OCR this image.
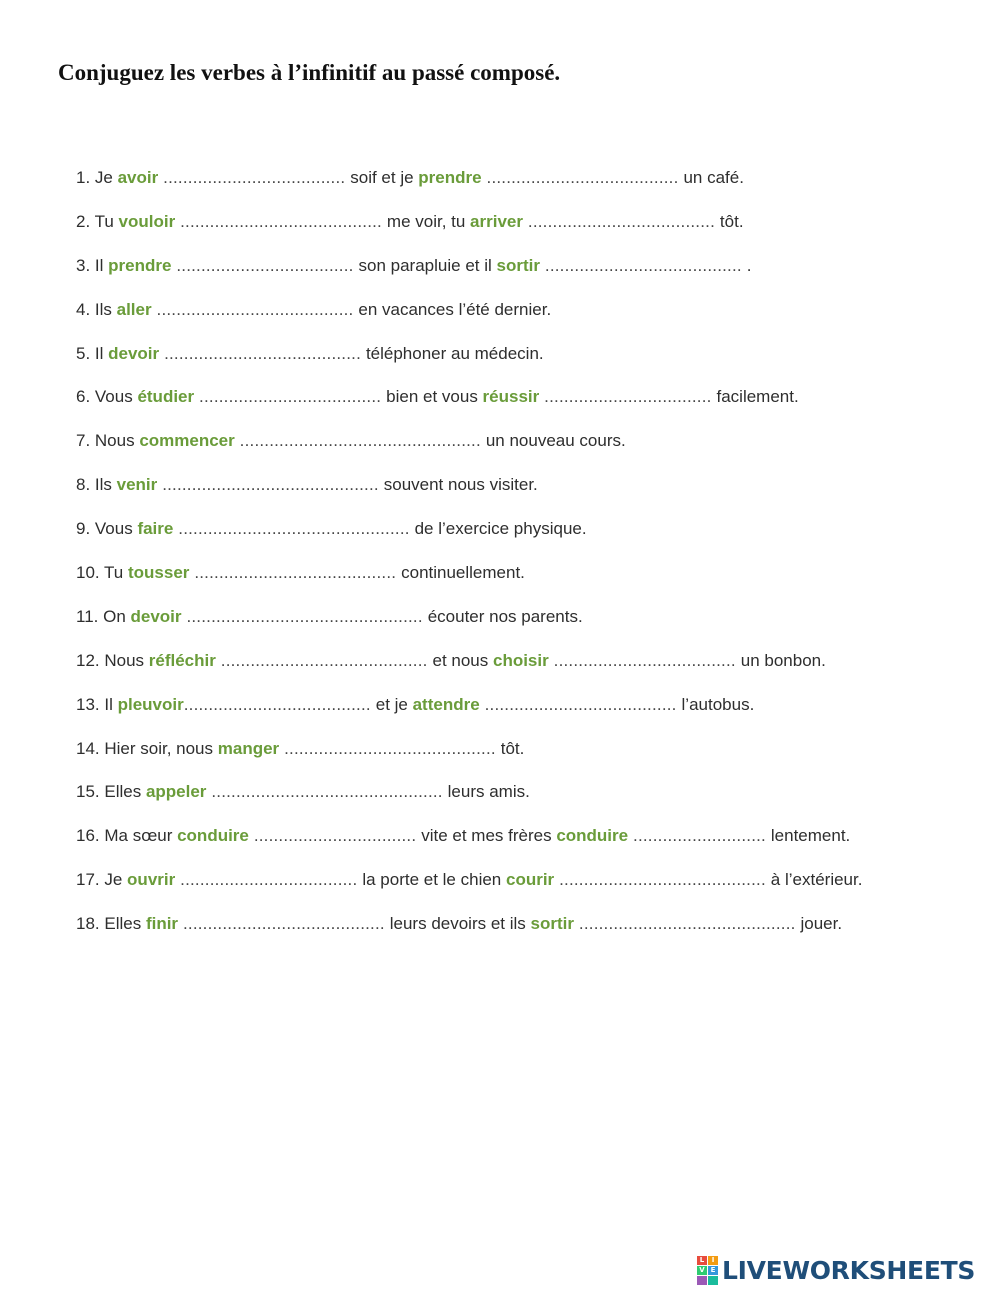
Conjuguez les verbes à l’infinitif au passé composé.
1. Je avoir ..................................... soif et je prendre ....................................... un café.
2. Tu vouloir ......................................... me voir, tu arriver ...................................... tôt.
3. Il prendre .................................... son parapluie et il sortir ........................................ .
4. Ils aller ........................................ en vacances l’été dernier.
5. Il devoir ........................................ téléphoner au médecin.
6. Vous étudier ..................................... bien et vous réussir .................................. facilement.
7. Nous commencer ................................................. un nouveau cours.
8. Ils venir ............................................ souvent nous visiter.
9. Vous faire ............................................... de l’exercice physique.
10. Tu tousser ......................................... continuellement.
11. On devoir ................................................ écouter nos parents.
12. Nous réfléchir .......................................... et nous choisir ..................................... un bonbon.
13. Il pleuvoir...................................... et je attendre ....................................... l’autobus.
14. Hier soir, nous manger ........................................... tôt.
15. Elles appeler ............................................... leurs amis.
16. Ma sœur conduire ................................. vite et mes frères conduire ........................... lentement.
17. Je ouvrir .................................... la porte et le chien courir .......................................... à l’extérieur.
18. Elles finir ......................................... leurs devoirs et ils sortir ............................................ jouer.
L	I
V E LIVEWORKSHEETS
